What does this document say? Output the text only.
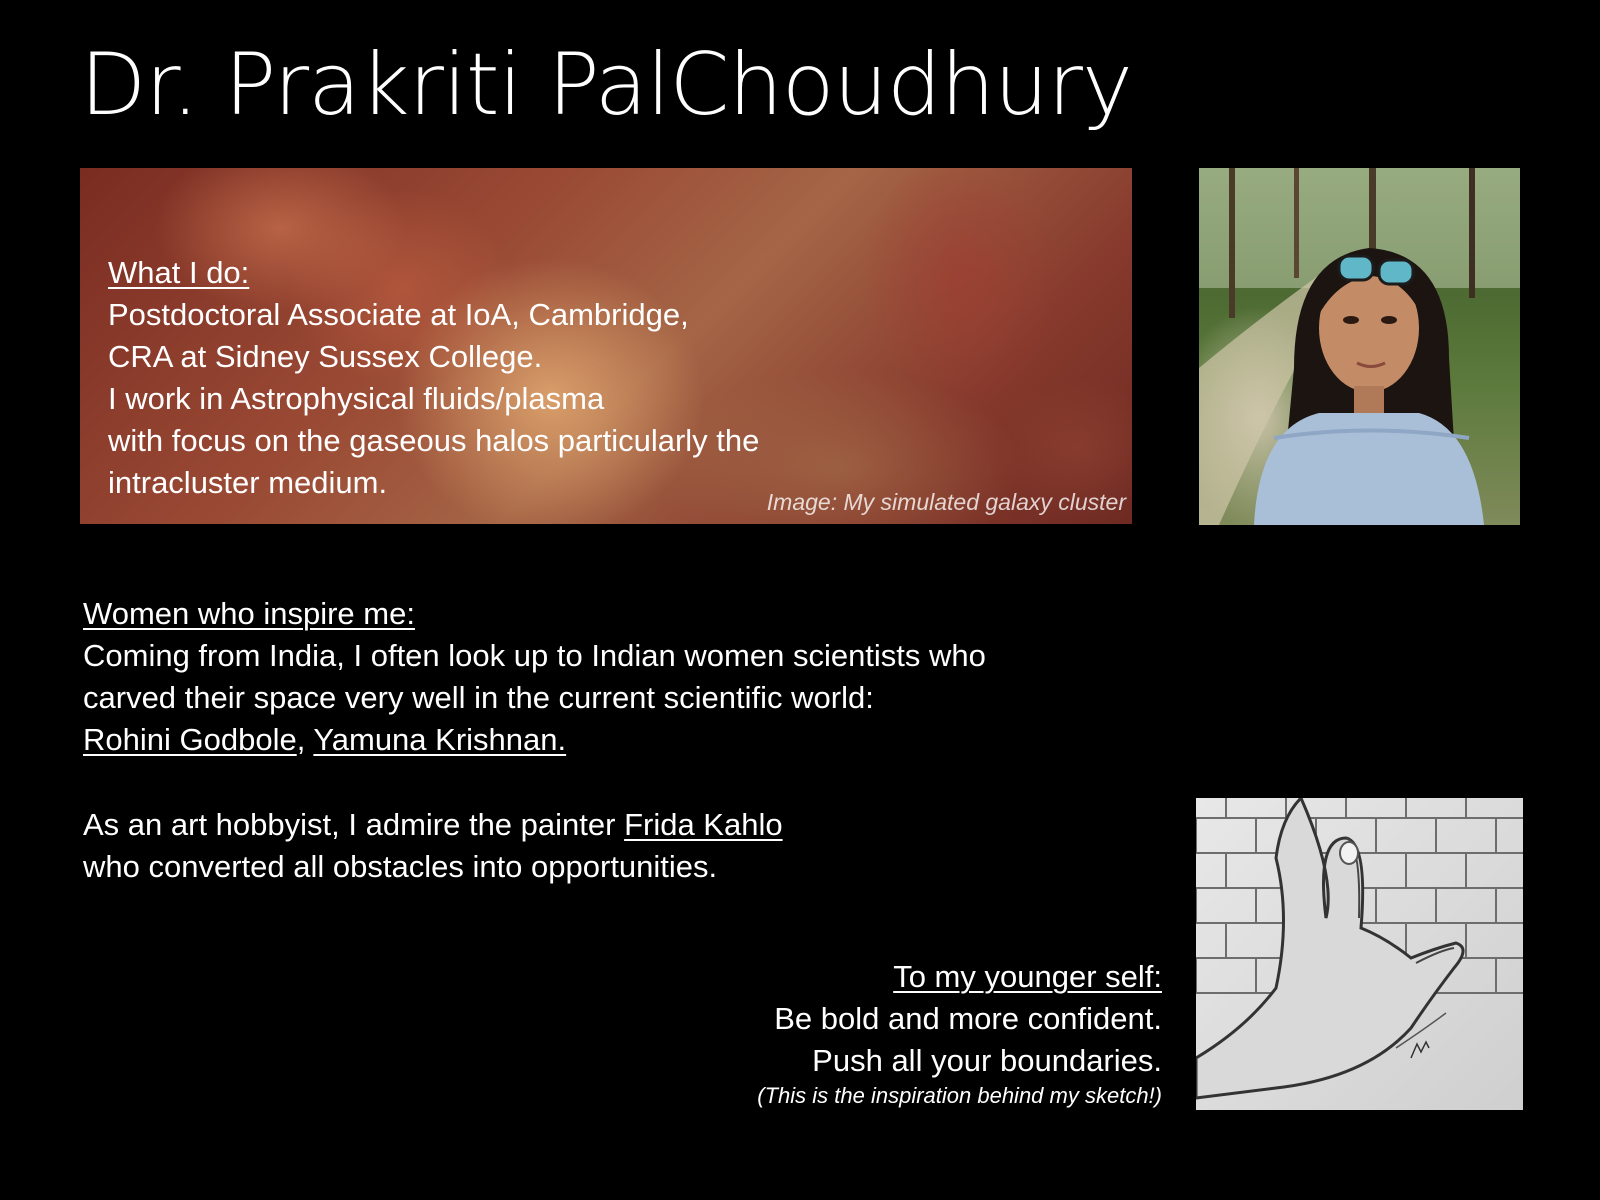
Dr. Prakriti PalChoudhury
What I do:
Postdoctoral Associate at IoA, Cambridge,
CRA at Sidney Sussex College.
I work in Astrophysical fluids/plasma
with focus on the gaseous halos particularly the
intracluster medium.
Image: My simulated galaxy cluster
Women who inspire me:
Coming from India, I often look up to Indian women scientists who
carved their space very well in the current scientific world:
Rohini Godbole, Yamuna Krishnan.
As an art hobbyist, I admire the painter Frida Kahlo
who converted all obstacles into opportunities.
To my younger self:
Be bold and more confident.
Push all your boundaries.
(This is the inspiration behind my sketch!)
